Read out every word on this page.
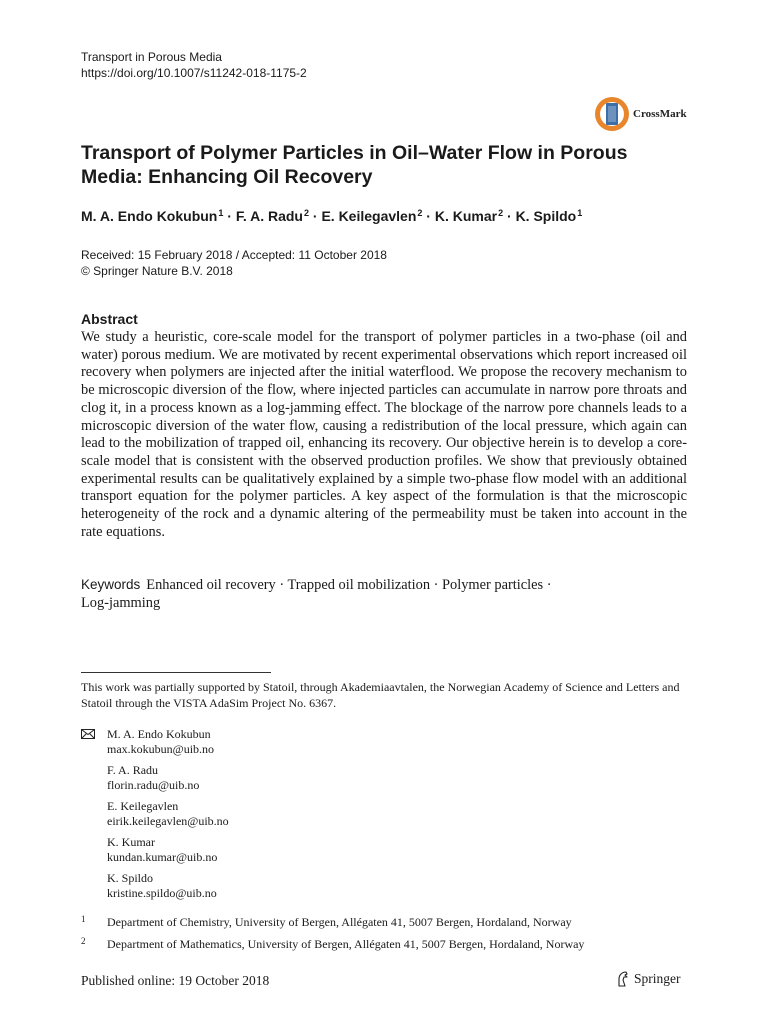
Transport in Porous Media
https://doi.org/10.1007/s11242-018-1175-2
CrossMark
Transport of Polymer Particles in Oil–Water Flow in Porous Media: Enhancing Oil Recovery
M. A. Endo Kokubun$^1$ · F. A. Radu$^2$ · E. Keilegavlen$^2$ · K. Kumar$^2$ · K. Spildo$^1$
Received: 15 February 2018 / Accepted: 11 October 2018
© Springer Nature B.V. 2018
Abstract

We study a heuristic, core-scale model for the transport of polymer particles in a two-phase (oil and water) porous medium. We are motivated by recent experimental observations which report increased oil recovery when polymers are injected after the initial waterflood. We propose the recovery mechanism to be microscopic diversion of the flow, where injected particles can accumulate in narrow pore throats and clog it, in a process known as a log-jamming effect. The blockage of the narrow pore channels leads to a microscopic diversion of the water flow, causing a redistribution of the local pressure, which again can lead to the mobilization of trapped oil, enhancing its recovery. Our objective herein is to develop a core-scale model that is consistent with the observed production profiles. We show that previously obtained experimental results can be qualitatively explained by a simple two-phase flow model with an additional transport equation for the polymer particles. A key aspect of the formulation is that the microscopic heterogeneity of the rock and a dynamic altering of the permeability must be taken into account in the rate equations.

Keywords Enhanced oil recovery · Trapped oil mobilization · Polymer particles ·
Log-jamming
This work was partially supported by Statoil, through Akademiaavtalen, the Norwegian Academy of Science and Letters and Statoil through the VISTA AdaSim Project No. 6367.
M. A. Endo Kokubun
max.kokubun@uib.no
F. A. Radu
florin.radu@uib.no
E. Keilegavlen
eirik.keilegavlen@uib.no
K. Kumar
kundan.kumar@uib.no
K. Spildo
kristine.spildo@uib.no
1 Department of Chemistry, University of Bergen, Allégaten 41, 5007 Bergen, Hordaland, Norway
2 Department of Mathematics, University of Bergen, Allégaten 41, 5007 Bergen, Hordaland, Norway
Published online: 19 October 2018	Springer
